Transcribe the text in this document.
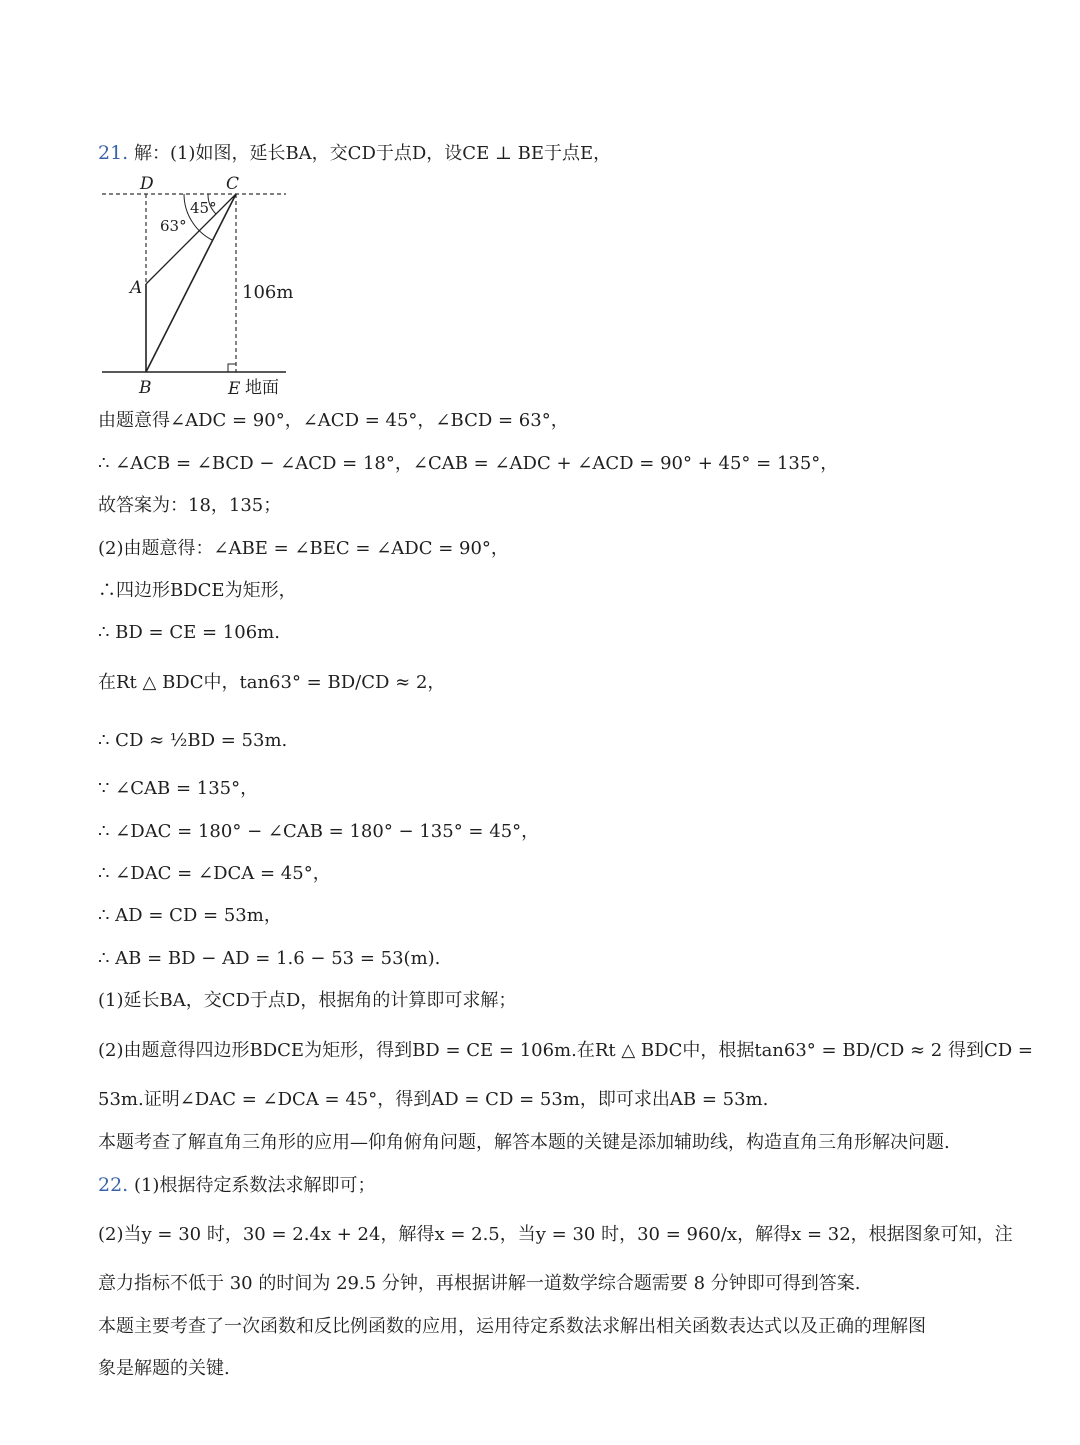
21. 解：(1)如图，延长BA，交CD于点D，设CE ⊥ BE于点E，
D	C
A
B	E 地面
106m
45°
63°
由题意得∠ADC = 90°，∠ACD = 45°，∠BCD = 63°，
∴ ∠ACB = ∠BCD − ∠ACD = 18°，∠CAB = ∠ADC + ∠ACD = 90° + 45° = 135°，
故答案为：18，135；
(2)由题意得：∠ABE = ∠BEC = ∠ADC = 90°，
∴四边形BDCE为矩形，
∴ BD = CE = 106m.
在Rt △ BDC中，tan63° = BD/CD ≈ 2，
∴ CD ≈ ½BD = 53m.
∵ ∠CAB = 135°，
∴ ∠DAC = 180° − ∠CAB = 180° − 135° = 45°，
∴ ∠DAC = ∠DCA = 45°，
∴ AD = CD = 53m，
∴ AB = BD − AD = 1.6 − 53 = 53(m).
(1)延长BA，交CD于点D，根据角的计算即可求解；
(2)由题意得四边形BDCE为矩形，得到BD = CE = 106m.在Rt △ BDC中，根据tan63° = BD/CD ≈ 2 得到CD =
53m.证明∠DAC = ∠DCA = 45°，得到AD = CD = 53m，即可求出AB = 53m.
本题考查了解直角三角形的应用—仰角俯角问题，解答本题的关键是添加辅助线，构造直角三角形解决问题.
22. (1)根据待定系数法求解即可；
(2)当y = 30 时，30 = 2.4x + 24，解得x = 2.5，当y = 30 时，30 = 960/x，解得x = 32，根据图象可知，注
意力指标不低于 30 的时间为 29.5 分钟，再根据讲解一道数学综合题需要 8 分钟即可得到答案.
本题主要考查了一次函数和反比例函数的应用，运用待定系数法求解出相关函数表达式以及正确的理解图
象是解题的关键.
